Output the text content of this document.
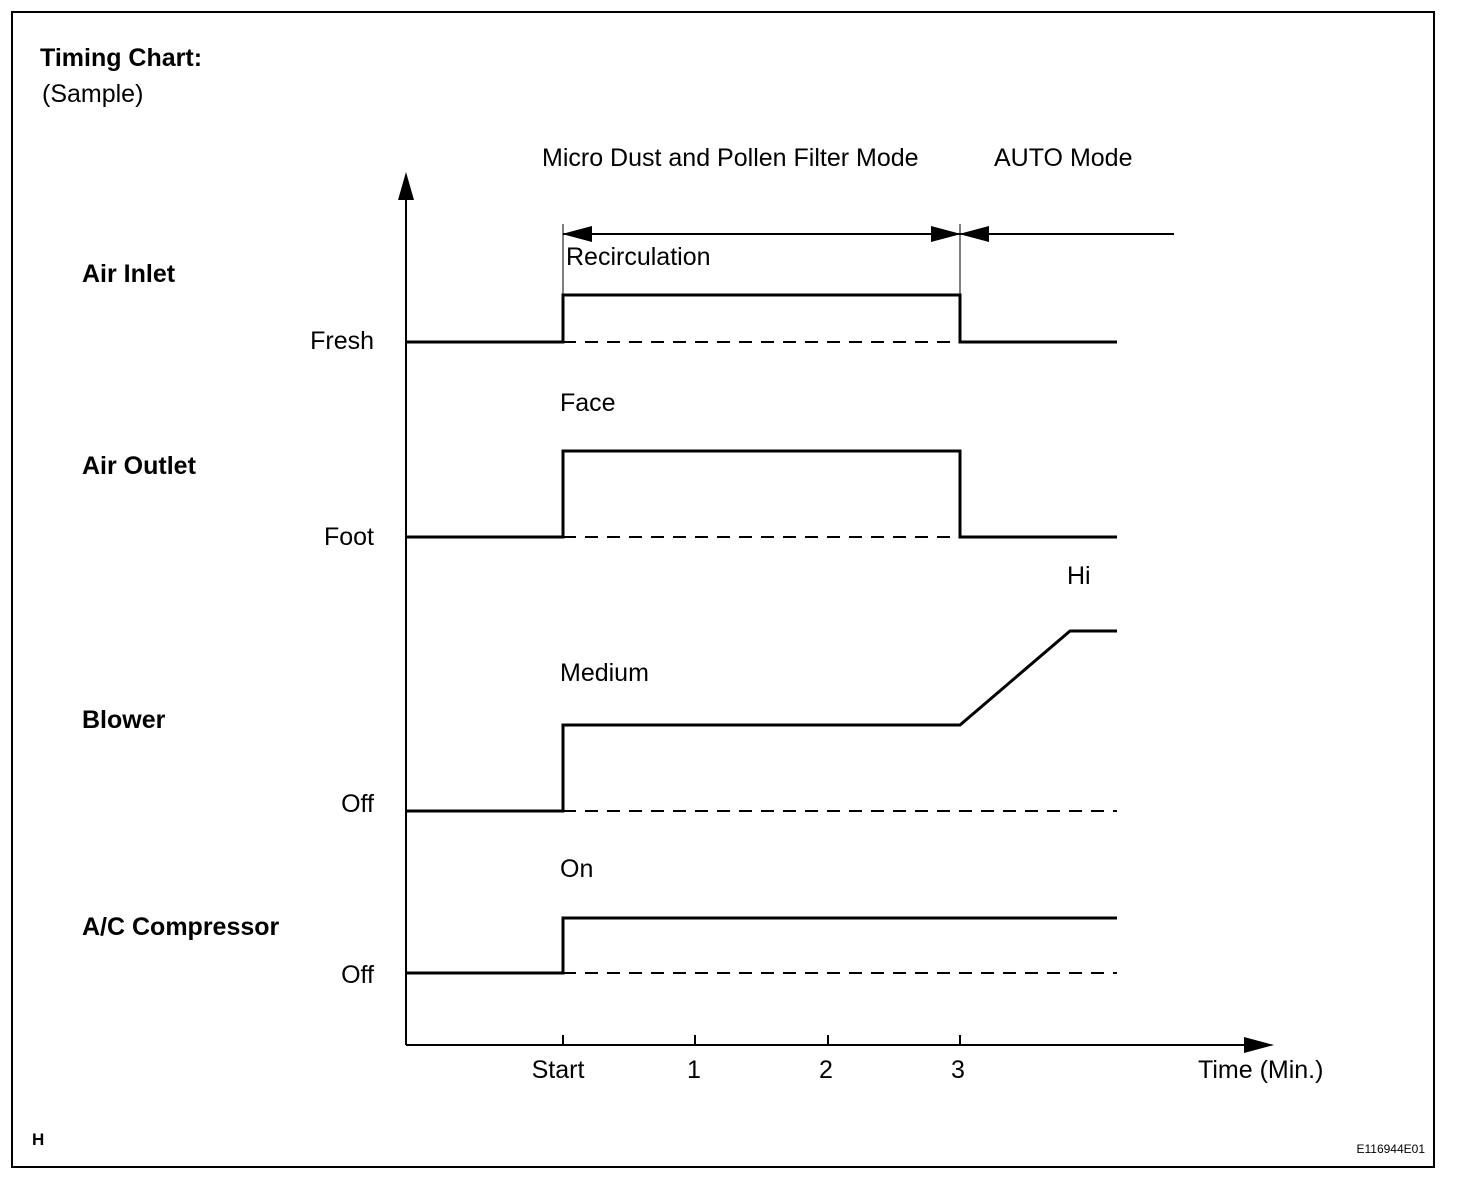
Timing Chart:
(Sample)
Micro Dust and Pollen Filter Mode	AUTO Mode
Start	1	2	3	Time (Min.)
Air Inlet
Fresh
Recirculation
Air Outlet
Foot
Face
Blower
Off
Medium
Hi
A/C Compressor
Off
On
H	E116944E01
